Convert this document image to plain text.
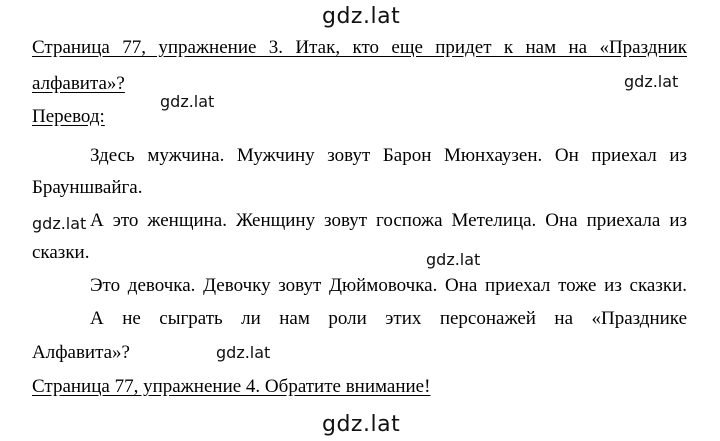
gdz.lat
gdz.lat
gdz.lat
gdz.lat
gdz.lat
gdz.lat
gdz.lat

Страница 77, упражнение 3. Итак, кто еще придет к нам на «Праздник

алфавита»?

Перевод:

Здесь мужчина. Мужчину зовут Барон Мюнхаузен. Он приехал из

Брауншвайга.

А это женщина. Женщину зовут госпожа Метелица. Она приехала из

сказки.

Это девочка. Девочку зовут Дюймовочка. Она приехал тоже из сказки.

А не сыграть ли нам роли этих персонажей на «Празднике

Алфавита»?

Страница 77, упражнение 4. Обратите внимание!
